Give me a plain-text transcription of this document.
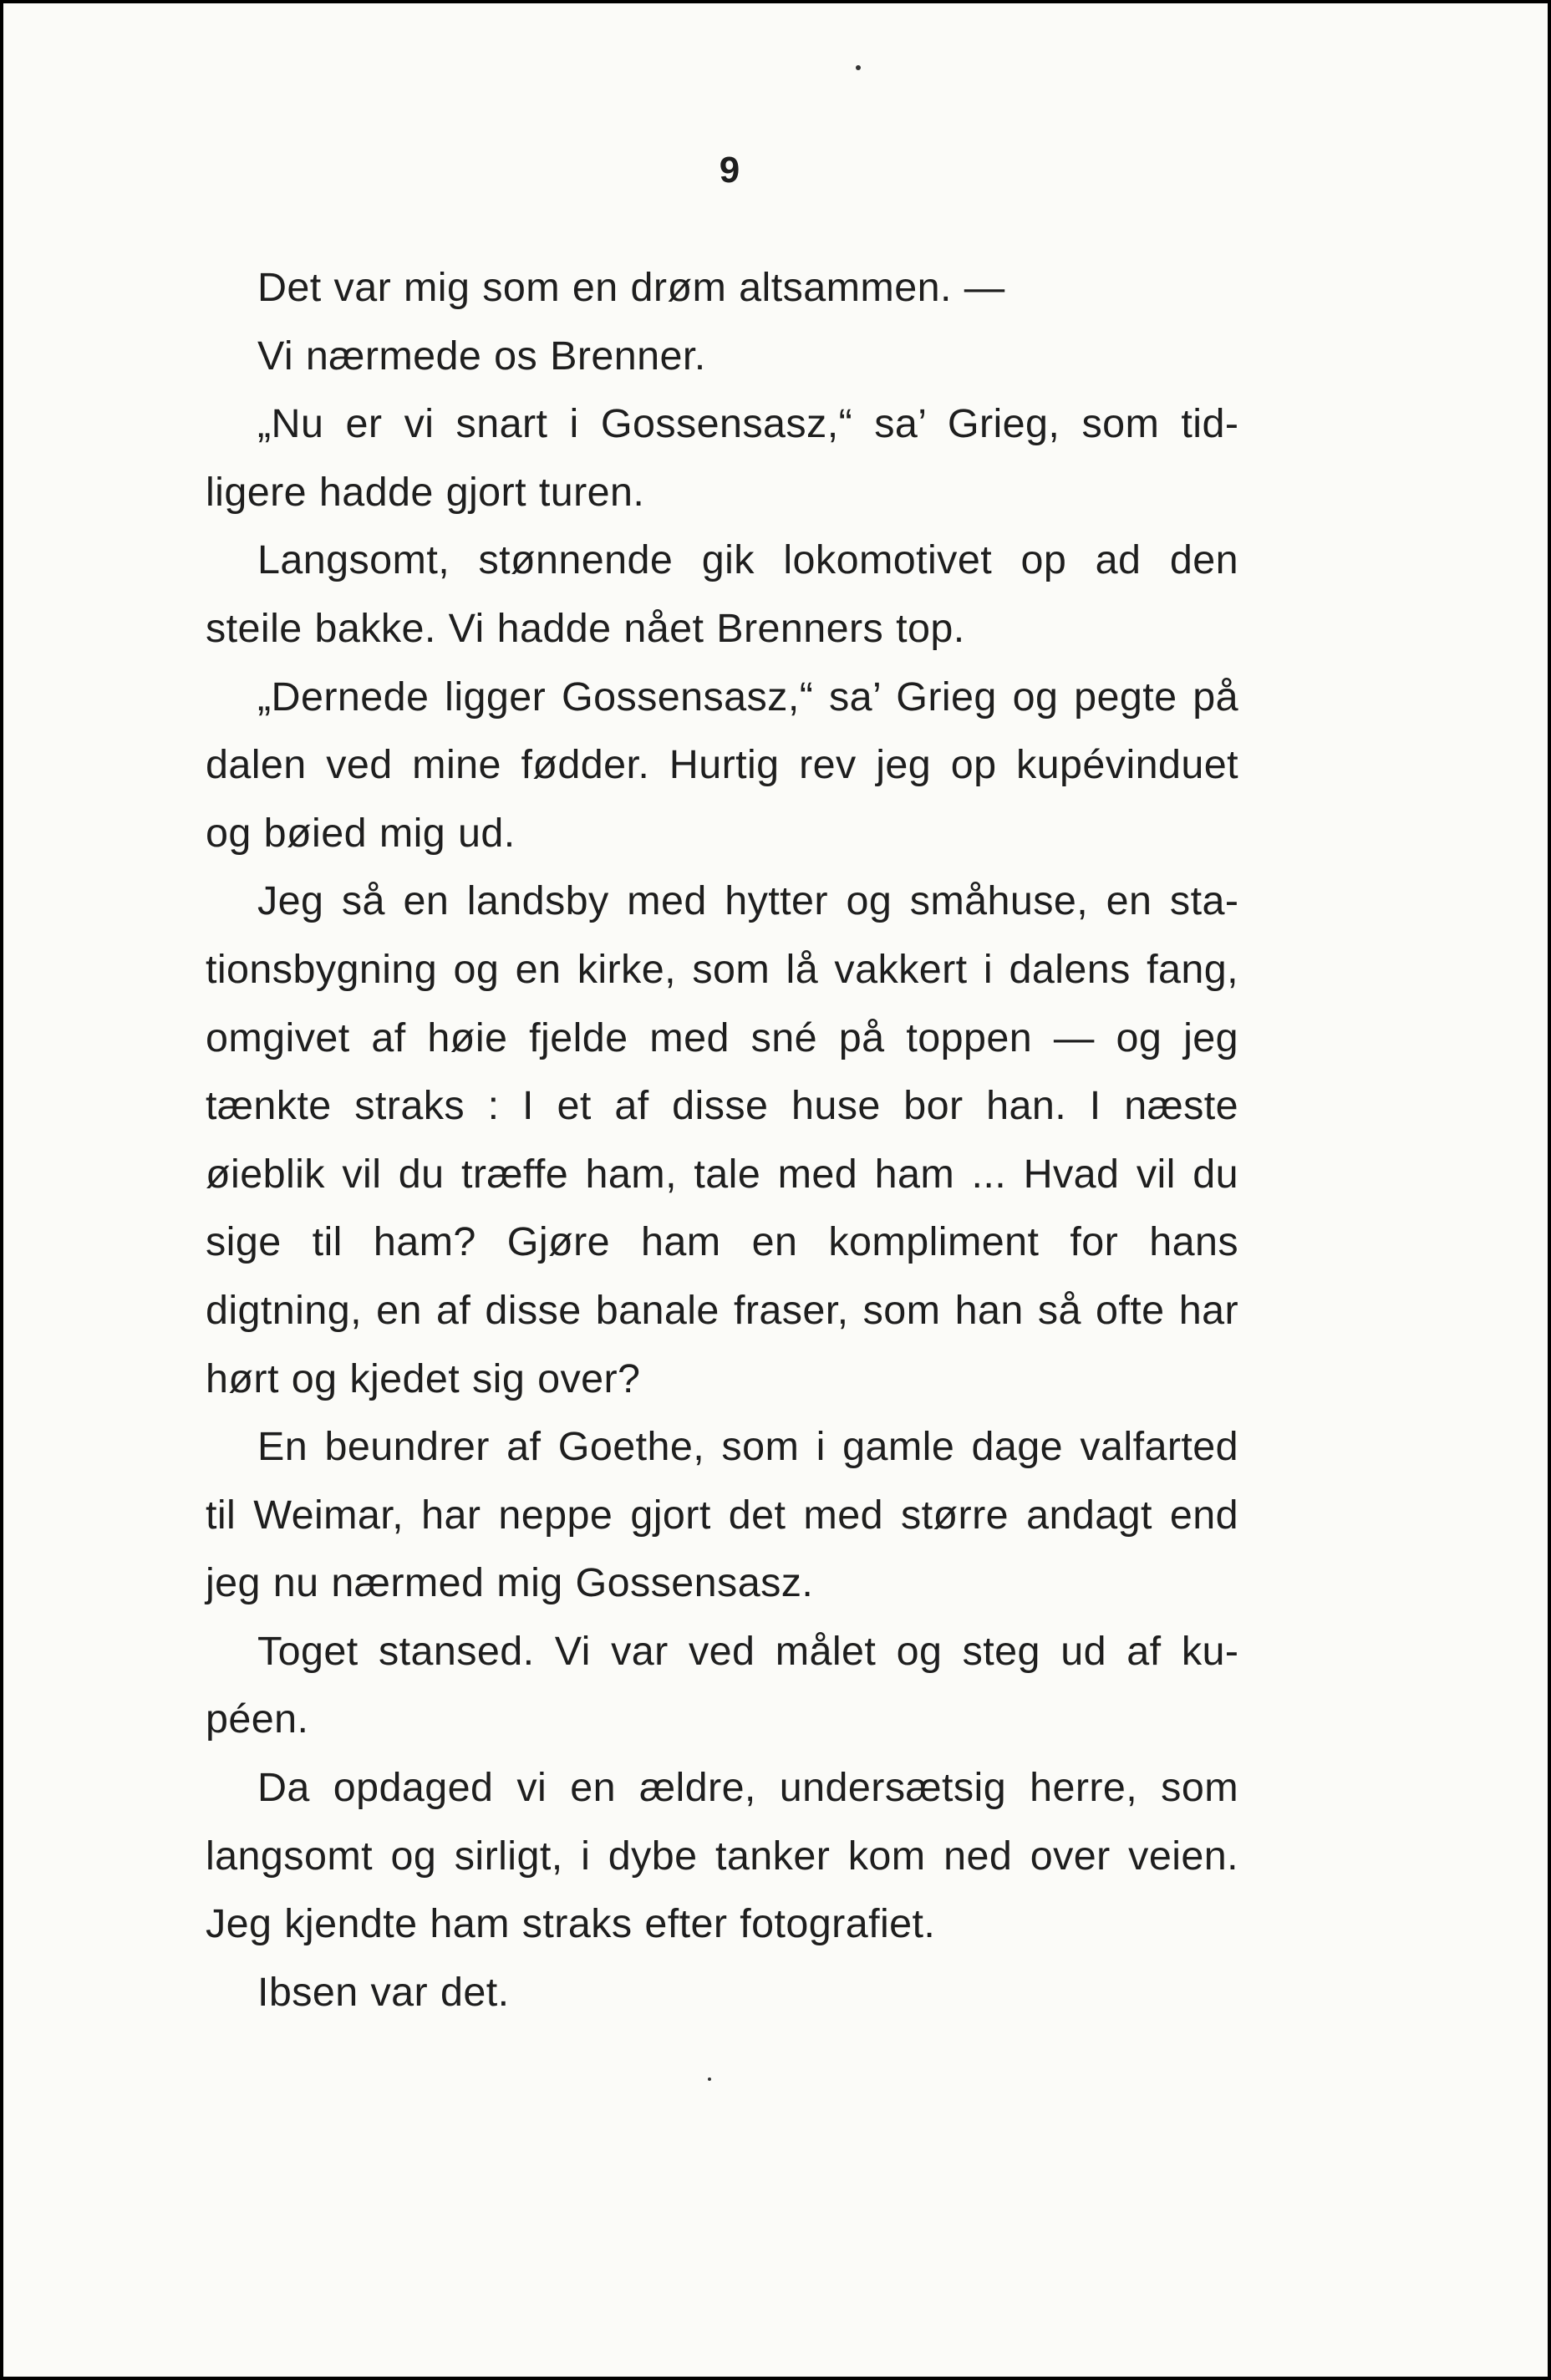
9

Det var mig som en drøm altsammen. —

Vi nærmede os Brenner.

„Nu er vi snart i Gossensasz,“ sa’ Grieg, som tidligere hadde gjort turen.

Langsomt, stønnende gik lokomotivet op ad den steile bakke. Vi hadde nået Brenners top.

„Dernede ligger Gossensasz,“ sa’ Grieg og pegte på dalen ved mine fødder. Hurtig rev jeg op kupévinduet og bøied mig ud.

Jeg så en landsby med hytter og småhuse, en stationsbygning og en kirke, som lå vakkert i dalens fang, omgivet af høie fjelde med sné på toppen — og jeg tænkte straks : I et af disse huse bor han. I næste øieblik vil du træffe ham, tale med ham ... Hvad vil du sige til ham? Gjøre ham en kompliment for hans digtning, en af disse banale fraser, som han så ofte har hørt og kjedet sig over?

En beundrer af Goethe, som i gamle dage valfarted til Weimar, har neppe gjort det med større andagt end jeg nu nærmed mig Gossensasz.

Toget stansed. Vi var ved målet og steg ud af kupéen.

Da opdaged vi en ældre, undersætsig herre, som langsomt og sirligt, i dybe tanker kom ned over veien. Jeg kjendte ham straks efter fotografiet.

Ibsen var det.
